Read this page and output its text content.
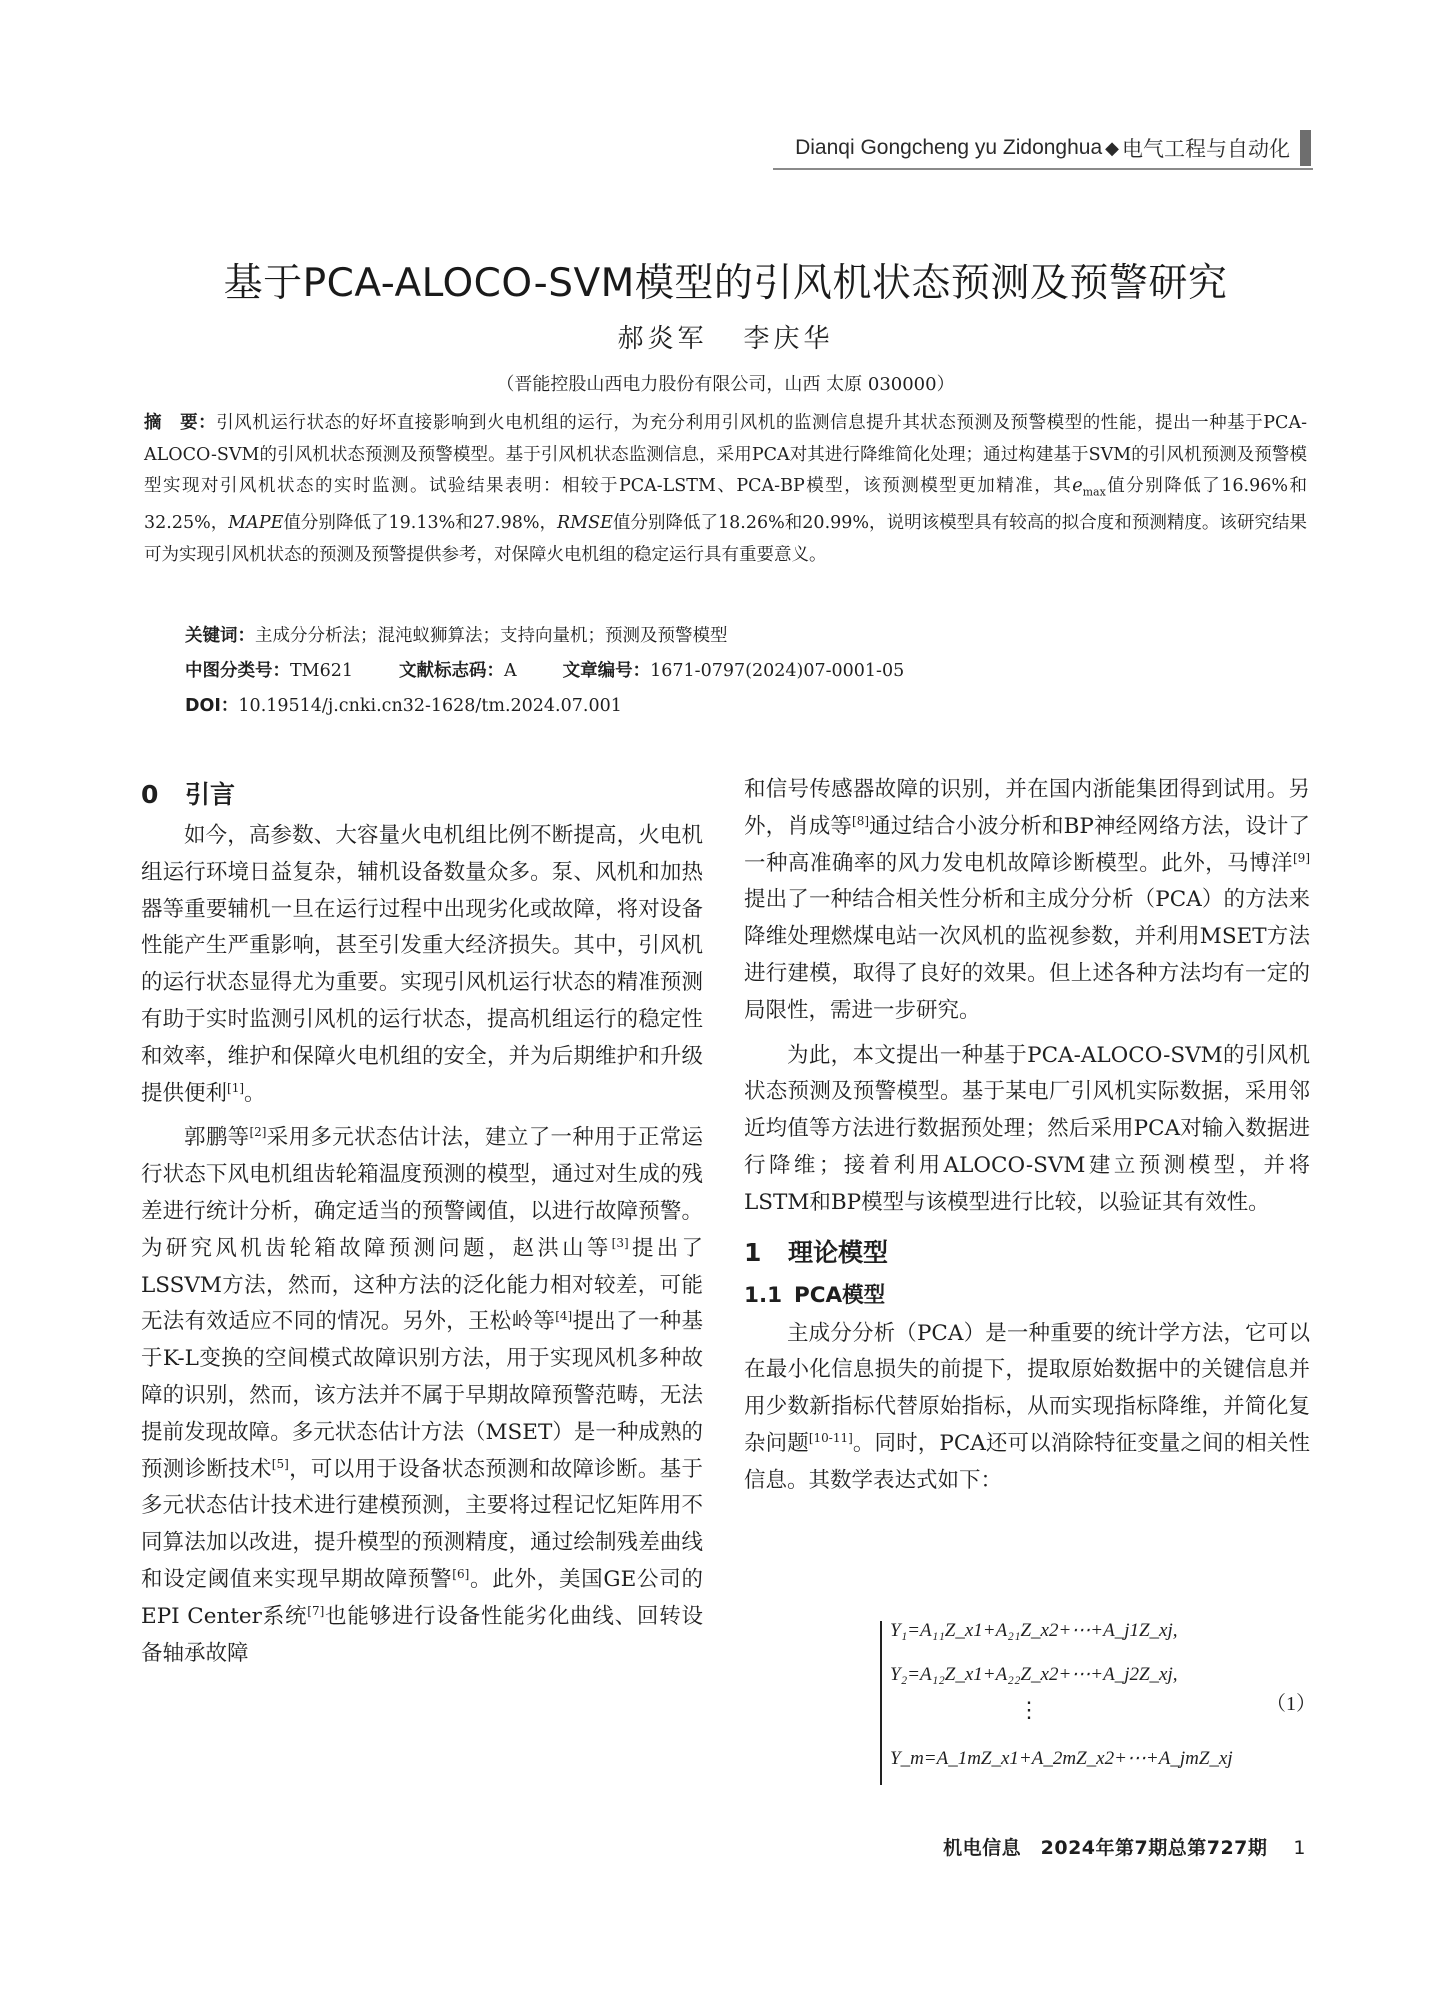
Dianqi Gongcheng yu Zidonghua ◆ 电气工程与自动化
基于PCA-ALOCO-SVM模型的引风机状态预测及预警研究
郝炎军 李庆华
（晋能控股山西电力股份有限公司，山西 太原 030000）
摘　要：引风机运行状态的好坏直接影响到火电机组的运行，为充分利用引风机的监测信息提升其状态预测及预警模型的性能，提出一种基于PCA-ALOCO-SVM的引风机状态预测及预警模型。基于引风机状态监测信息，采用PCA对其进行降维简化处理；通过构建基于SVM的引风机预测及预警模型实现对引风机状态的实时监测。试验结果表明：相较于PCA-LSTM、PCA-BP模型，该预测模型更加精准，其$e_{max}$值分别降低了16.96%和32.25%，MAPE值分别降低了19.13%和27.98%，RMSE值分别降低了18.26%和20.99%，说明该模型具有较高的拟合度和预测精度。该研究结果可为实现引风机状态的预测及预警提供参考，对保障火电机组的稳定运行具有重要意义。
关键词：主成分分析法；混沌蚁狮算法；支持向量机；预测及预警模型
中图分类号：TM621	文献标志码：A	文章编号：1671-0797(2024)07-0001-05
DOI：10.19514/j.cnki.cn32-1628/tm.2024.07.001
0 引言

如今，高参数、大容量火电机组比例不断提高，火电机组运行环境日益复杂，辅机设备数量众多。泵、风机和加热器等重要辅机一旦在运行过程中出现劣化或故障，将对设备性能产生严重影响，甚至引发重大经济损失。其中，引风机的运行状态显得尤为重要。实现引风机运行状态的精准预测有助于实时监测引风机的运行状态，提高机组运行的稳定性和效率，维护和保障火电机组的安全，并为后期维护和升级提供便利[1]。

郭鹏等[2]采用多元状态估计法，建立了一种用于正常运行状态下风电机组齿轮箱温度预测的模型，通过对生成的残差进行统计分析，确定适当的预警阈值，以进行故障预警。为研究风机齿轮箱故障预测问题，赵洪山等[3]提出了LSSVM方法，然而，这种方法的泛化能力相对较差，可能无法有效适应不同的情况。另外，王松岭等[4]提出了一种基于K-L变换的空间模式故障识别方法，用于实现风机多种故障的识别，然而，该方法并不属于早期故障预警范畴，无法提前发现故障。多元状态估计方法（MSET）是一种成熟的预测诊断技术[5]，可以用于设备状态预测和故障诊断。基于多元状态估计技术进行建模预测，主要将过程记忆矩阵用不同算法加以改进，提升模型的预测精度，通过绘制残差曲线和设定阈值来实现早期故障预警[6]。此外，美国GE公司的EPI Center系统[7]也能够进行设备性能劣化曲线、回转设备轴承故障

和信号传感器故障的识别，并在国内浙能集团得到试用。另外，肖成等[8]通过结合小波分析和BP神经网络方法，设计了一种高准确率的风力发电机故障诊断模型。此外，马博洋[9]提出了一种结合相关性分析和主成分分析（PCA）的方法来降维处理燃煤电站一次风机的监视参数，并利用MSET方法进行建模，取得了良好的效果。但上述各种方法均有一定的局限性，需进一步研究。

为此，本文提出一种基于PCA-ALOCO-SVM的引风机状态预测及预警模型。基于某电厂引风机实际数据，采用邻近均值等方法进行数据预处理；然后采用PCA对输入数据进行降维；接着利用ALOCO-SVM建立预测模型，并将LSTM和BP模型与该模型进行比较，以验证其有效性。

1 理论模型
1.1 PCA模型

主成分分析（PCA）是一种重要的统计学方法，它可以在最小化信息损失的前提下，提取原始数据中的关键信息并用少数新指标代替原始指标，从而实现指标降维，并简化复杂问题[10-11]。同时，PCA还可以消除特征变量之间的相关性信息。其数学表达式如下：

Y₁=A₁₁Z_x1+A₂₁Z_x2+⋯+A_j1Z_xj,
Y₂=A₁₂Z_x1+A₂₂Z_x2+⋯+A_j2Z_xj,
⋮
Y_m=A_1mZ_x1+A_2mZ_x2+⋯+A_jmZ_xj
（1）
机电信息　2024年第7期总第727期 1
